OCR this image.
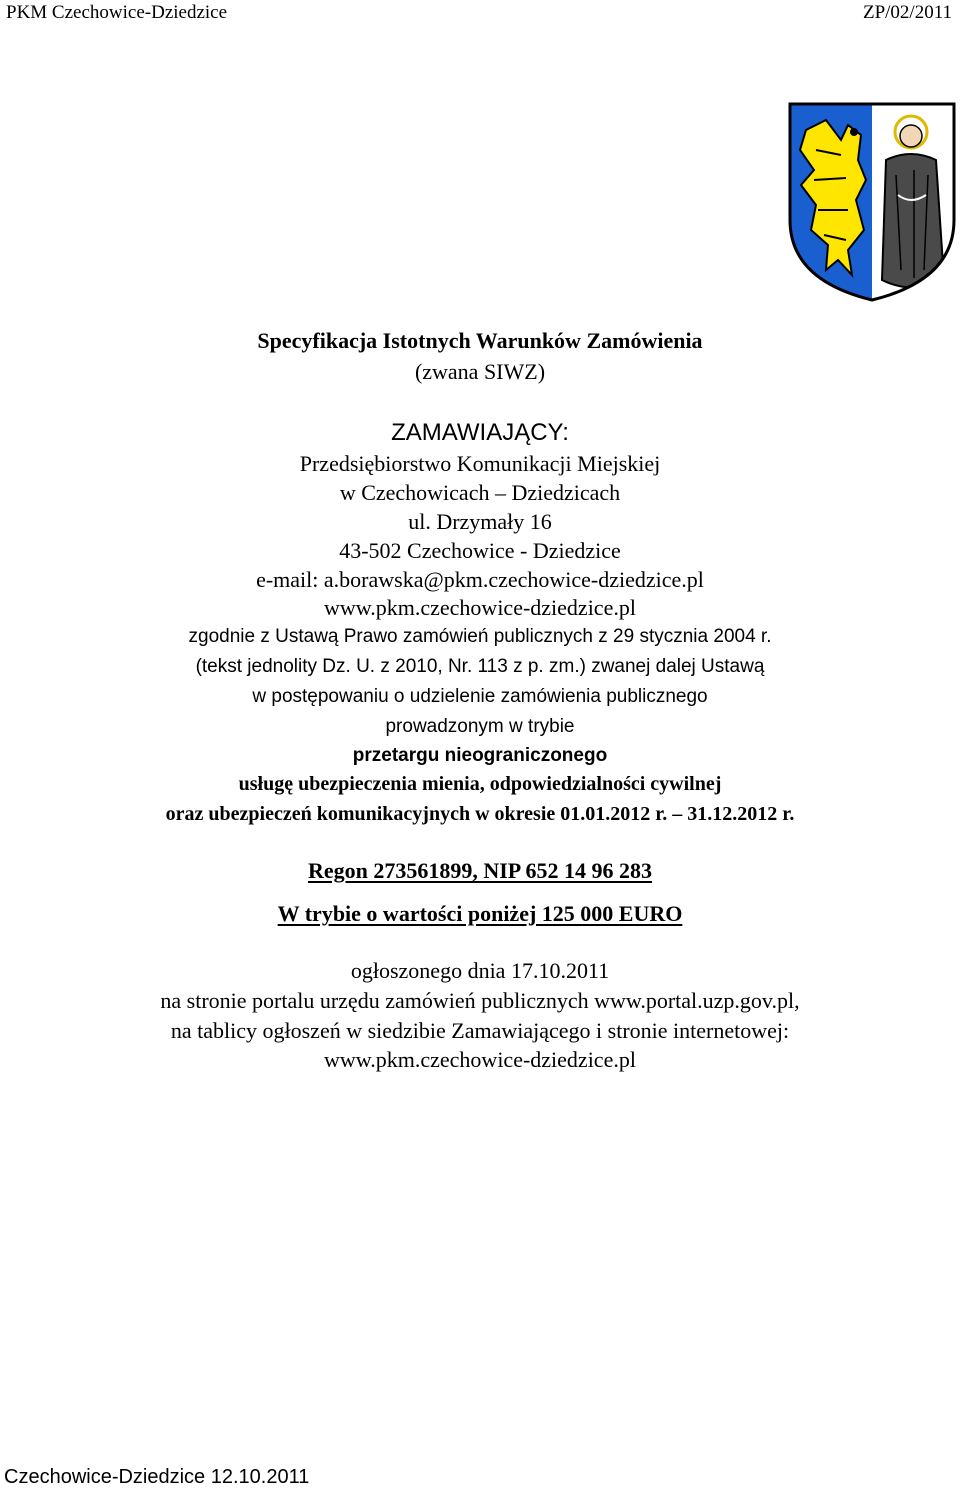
PKM Czechowice-Dziedzice	ZP/02/2011
Specyfikacja Istotnych Warunków Zamówienia
(zwana SIWZ)
ZAMAWIAJĄCY:
Przedsiębiorstwo Komunikacji Miejskiej
w Czechowicach – Dziedzicach
ul. Drzymały 16
43-502 Czechowice - Dziedzice
e-mail: a.borawska@pkm.czechowice-dziedzice.pl
www.pkm.czechowice-dziedzice.pl
zgodnie z Ustawą Prawo zamówień publicznych z 29 stycznia 2004 r.
(tekst jednolity Dz. U. z 2010, Nr. 113 z p. zm.) zwanej dalej Ustawą
w postępowaniu o udzielenie zamówienia publicznego
prowadzonym w trybie
przetargu nieograniczonego
usługę ubezpieczenia mienia, odpowiedzialności cywilnej
oraz ubezpieczeń komunikacyjnych w okresie 01.01.2012 r. – 31.12.2012 r.
Regon 273561899, NIP 652 14 96 283
W trybie o wartości poniżej 125 000 EURO
ogłoszonego dnia 17.10.2011
na stronie portalu urzędu zamówień publicznych www.portal.uzp.gov.pl,
na tablicy ogłoszeń w siedzibie Zamawiającego i stronie internetowej:
www.pkm.czechowice-dziedzice.pl
Czechowice-Dziedzice 12.10.2011
